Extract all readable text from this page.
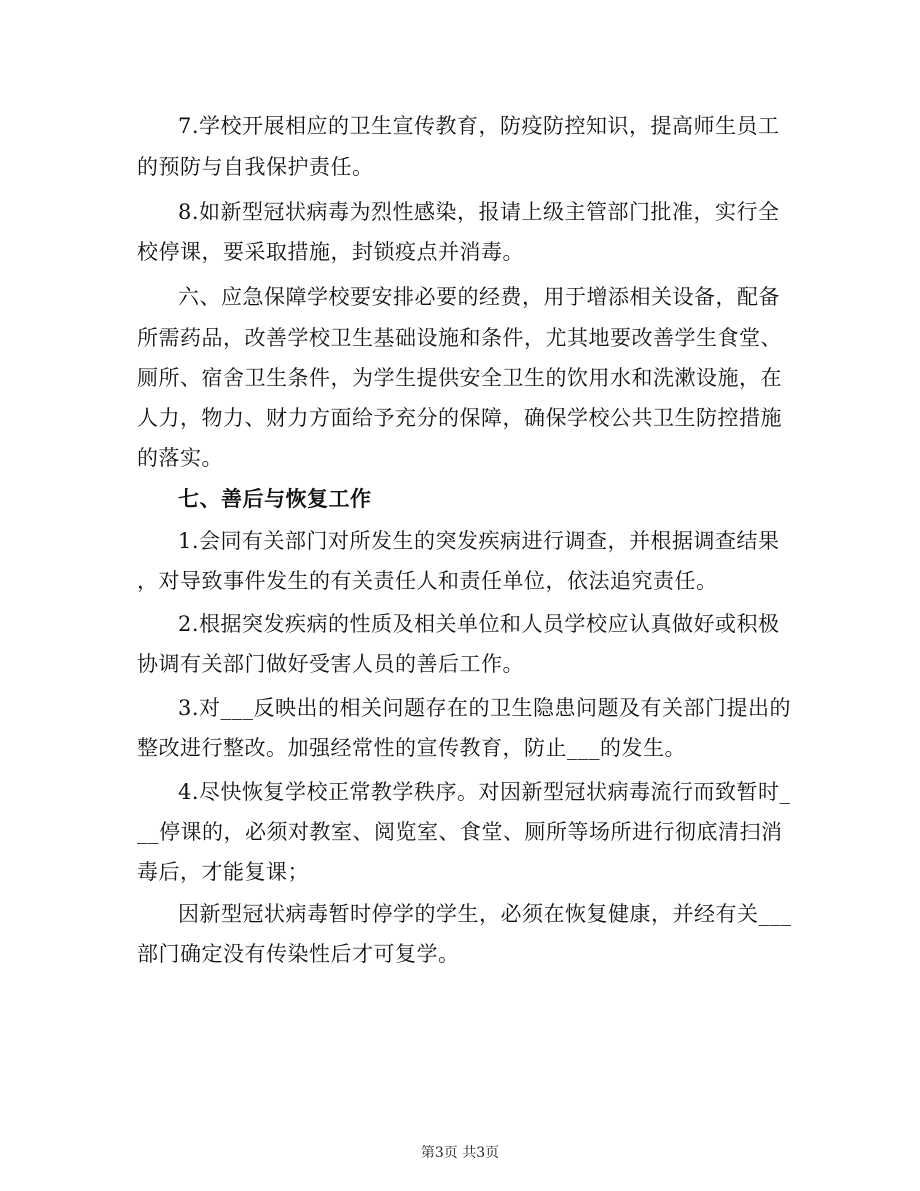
7.学校开展相应的卫生宣传教育，防疫防控知识，提高师生员工
的预防与自我保护责任。
8.如新型冠状病毒为烈性感染，报请上级主管部门批准，实行全
校停课，要采取措施，封锁疫点并消毒。
六、应急保障学校要安排必要的经费，用于增添相关设备，配备
所需药品，改善学校卫生基础设施和条件，尤其地要改善学生食堂、
厕所、宿舍卫生条件，为学生提供安全卫生的饮用水和洗漱设施，在
人力，物力、财力方面给予充分的保障，确保学校公共卫生防控措施
的落实。
七、善后与恢复工作
1.会同有关部门对所发生的突发疾病进行调查，并根据调查结果
，对导致事件发生的有关责任人和责任单位，依法追究责任。
2.根据突发疾病的性质及相关单位和人员学校应认真做好或积极
协调有关部门做好受害人员的善后工作。
3.对___反映出的相关问题存在的卫生隐患问题及有关部门提出的
整改进行整改。加强经常性的宣传教育，防止___的发生。
4.尽快恢复学校正常教学秩序。对因新型冠状病毒流行而致暂时_
__停课的，必须对教室、阅览室、食堂、厕所等场所进行彻底清扫消
毒后，才能复课；
因新型冠状病毒暂时停学的学生，必须在恢复健康，并经有关___
部门确定没有传染性后才可复学。
第3页 共3页
